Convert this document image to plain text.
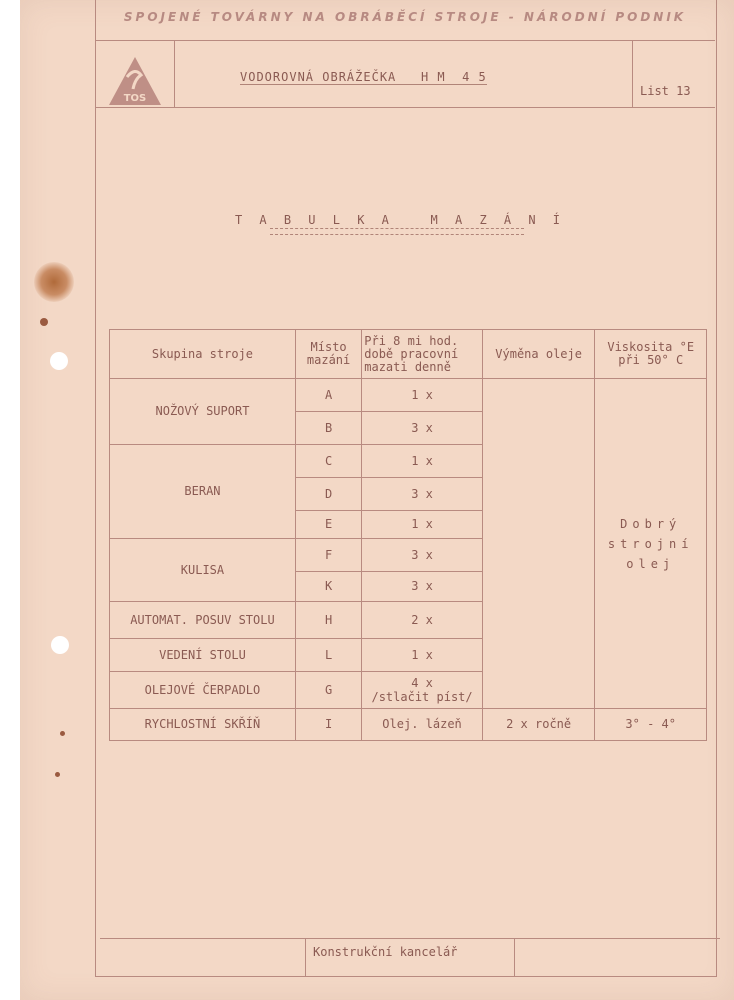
SPOJENÉ TOVÁRNY NA OBRÁBĚCÍ STROJE - NÁRODNÍ PODNIK
TOS
VODOROVNÁ OBRÁŽEČKA   H M  4 5
List 13
T A B U L K A   M A Z Á N Í
Skupina stroje	Místo mazání	Při 8 mi hod. době pracovní mazati denně	Výměna oleje	Viskosita °E při 50° C
NOŽOVÝ SUPORT	A	1 x		Dobrý strojní olej
	B	3 x		
BERAN	C	1 x		
	D	3 x		
	E	1 x		
KULISA	F	3 x		
	K	3 x		
AUTOMAT. POSUV STOLU	H	2 x		
VEDENÍ STOLU	L	1 x		
OLEJOVÉ ČERPADLO	G	4 x
/stlačit píst/		

RYCHLOSTNÍ SKŘÍŇ	I	Olej. lázeň	2 x ročně	3° - 4°
Konstrukční kancelář
